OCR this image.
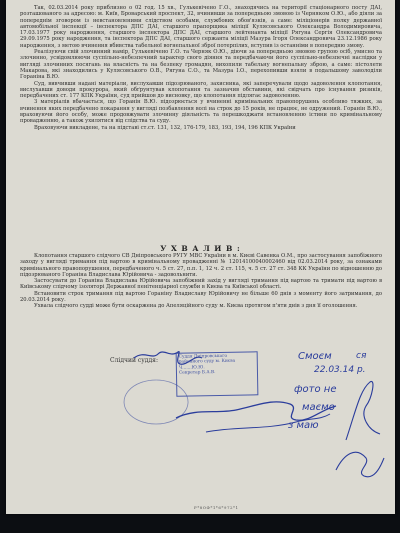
Так, 02.03.2014 року приблизно о 02 год. 15 хв., Гулькевічено Г.О., знаходячись на території стаціонарного посту ДАІ, розташованого за адресою: м. Київ, Броварський проспект, 32, вчинивши за попередньою змовою із Черняком О.Ю., або діяли за попереднім зговором із невстановленими слідством особами, службових обов'язків, а саме: міліціонерів полку державної автомобільної інспекції – інспектора ДПС ДАІ, старшого прапорщика міліції Кулясовського Олександра Володимировича, 17.03.1977 року народження, старшого інспектора ДПС ДАІ, старшого лейтенанта міліції Рягуна Сергія Олександровича 29.09.1975 року народження, та інспектора ДПС ДАІ, старшого сержанта міліції Мазура Ігоря Олександровича 23.12.1986 року народження, з метою вчинення вбивства табельної вогнепальної зброї потерпілих, вступив із останніми в попередню змову.

Реалізуючи свій злочинний намір, Гулькевічено Г.О. та Черняк О.Ю., діючи за попередньою змовою групою осіб, умисно та злочинно, усвідомлюючи суспільно-небезпечний характер свого діяння та передбачаючи його суспільно-небезпечні наслідки у вигляді злочинних посягань на власність та на безпеку громадян, вихопили табельну вогнепальну зброю, а саме: пістолети Макарова, які знаходились у Кулясовського О.В., Рягуна С.О., та Мазура І.О., перехопивши взяли в подальшому заволоділи Гораніна В.Ю.

Суд, вивчивши надані матеріали, вислухавши підозрюваного, захисника, які заперечували щодо задоволення клопотання, вислухавши доводи прокурора, який обґрунтував клопотання та зазначив обставини, які свідчать про існування ризиків, передбачених ст. 177 КПК України, суд прийшов до висновку, що клопотання підлягає задоволенню.

З матеріалів вбачається, що Горанін В.Ю. підозрюється у вчиненні кримінальних правопорушень особливо тяжких, за вчинення яких передбачено покарання у вигляді позбавлення волі на строк до 15 років, не працює, не одружений. Горанін В.Ю., враховуючи його особу, може продовжувати злочинну діяльність та перешкоджати встановленню істини по кримінальному провадженню, а також ухилятися від слідства та суду.

Враховуючи викладене, та на підставі ст.ст. 131, 132, 176-179, 183, 193, 194, 196 КПК України

У Х В А Л И В :

Клопотання старшого слідчого СВ Дніпровського РУГУ МВС України в м. Києві Савенка О.М., про застосування запобіжного заходу у вигляді тримання під вартою в кримінальному провадженні № 12014100040002460 від 02.03.2014 року, за ознаками кримінального правопорушення, передбаченого ч. 5 ст. 27, п.п. 1, 12 ч. 2 ст. 115, ч. 5 ст. 27 ст. 348 КК України по відношенню до підозрюваного Гораніна Владислава Юрійовича - задовольнити.

Застосувати до Гораніна Владислава Юрійовича запобіжний захід у вигляді тримання під вартою та тримати під вартою в Київському слідчому ізоляторі Державної пенітенціарної служби в Києва та Київської області.

Встановити строк тримання під вартою Гораніну Владиславу Юрійовичу не більше 60 днів з моменту його затримання, до 20.03.2014 року.

Ухвала слідчого судді може бути оскаржена до Апеляційного суду м. Києва протягом п'яти днів з дня її оголошення.

Слідчий суддя:
Суддя Дніпровського
районного суду м. Києва
Ч.......Ю.Ю.
Секретар Б.А.В.
Смоєм	ся
22.03.14 р.
фото не
маємо
з маю
Р*8ОФ*1*6*972*1
